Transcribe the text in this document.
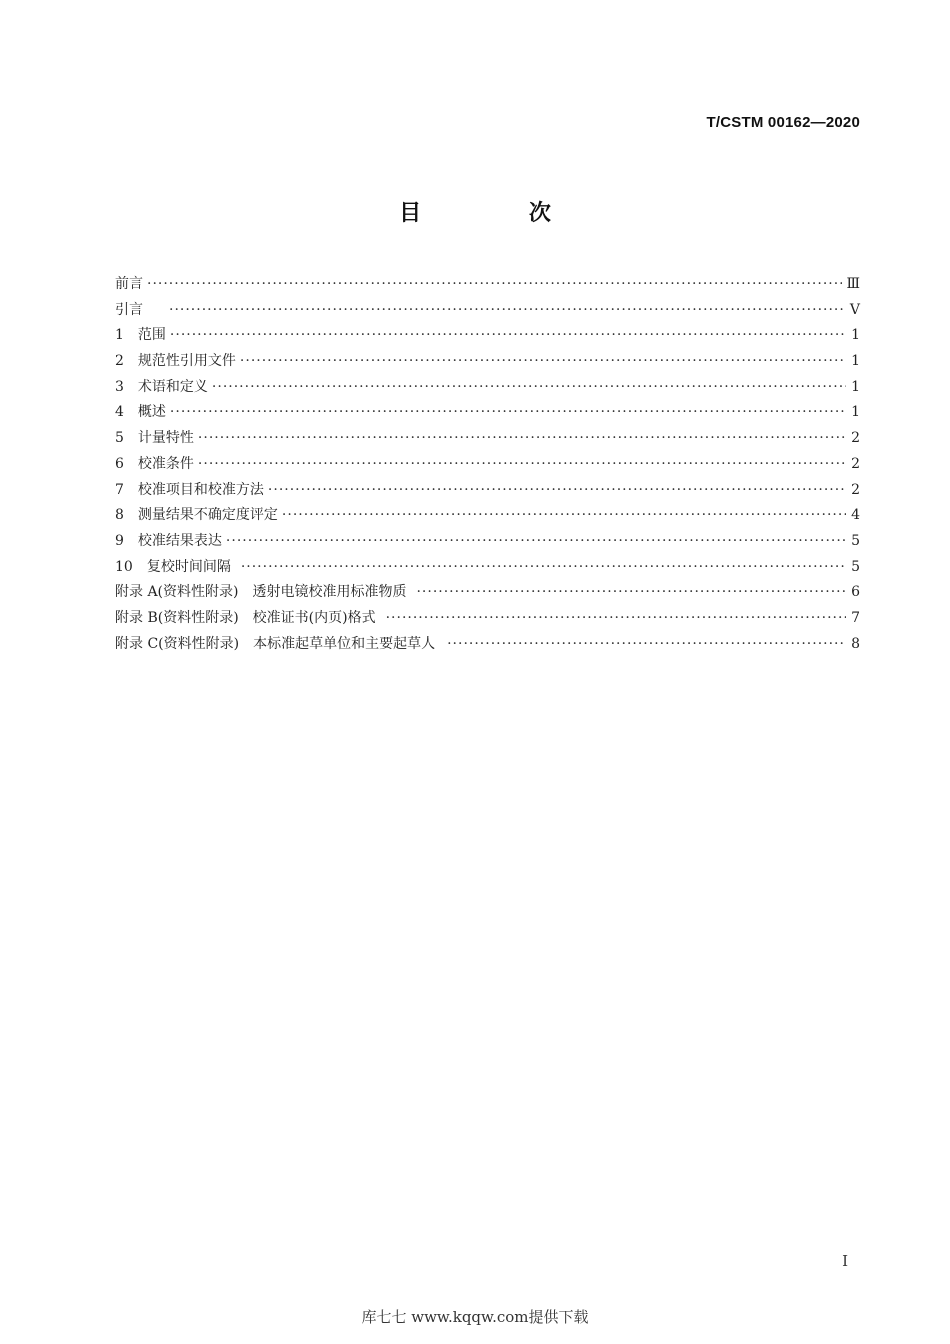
T/CSTM 00162—2020
目 次
前言 ·····	Ⅲ
引言 ·····	Ⅴ
1 范围 ·····	1
2 规范性引用文件 ·····	1
3 术语和定义 ·····	1
4 概述 ·····	1
5 计量特性 ·····	2
6 校准条件 ·····	2
7 校准项目和校准方法 ·····	2
8 测量结果不确定度评定 ·····	4
9 校准结果表达 ·····	5
10 复校时间间隔 ·····	5
附录 A(资料性附录) 透射电镜校准用标准物质 ·····	6
附录 B(资料性附录) 校准证书(内页)格式 ·····	7
附录 C(资料性附录) 本标准起草单位和主要起草人 ·····	8
I
库七七 www.kqqw.com提供下载
